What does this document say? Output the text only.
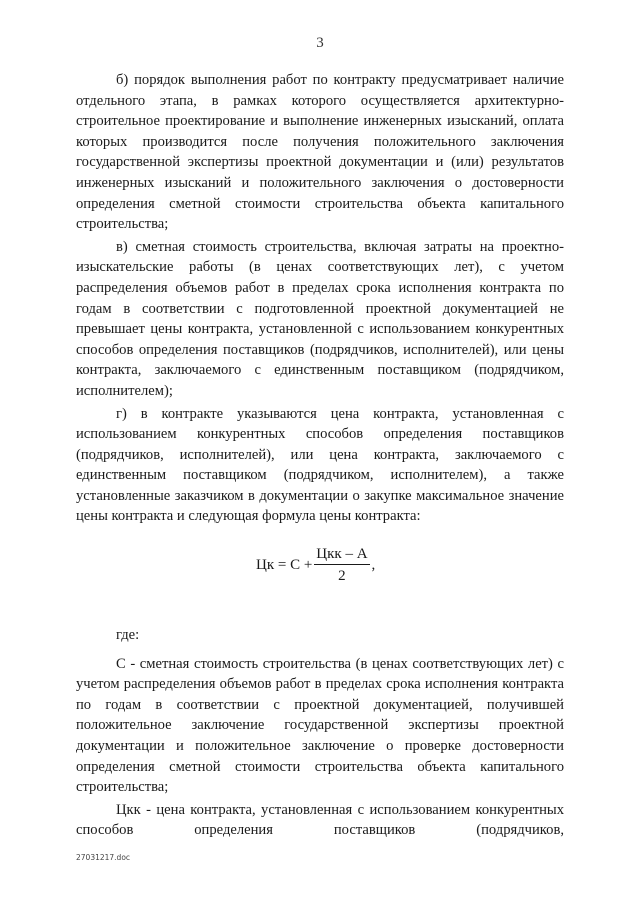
3

б) порядок выполнения работ по контракту предусматривает наличие отдельного этапа, в рамках которого осуществляется архитектурно-строительное проектирование и выполнение инженерных изысканий, оплата которых производится после получения положительного заключения государственной экспертизы проектной документации и (или) результатов инженерных изысканий и положительного заключения о достоверности определения сметной стоимости строительства объекта капитального строительства;

в) сметная стоимость строительства, включая затраты на проектно-изыскательские работы (в ценах соответствующих лет), с учетом распределения объемов работ в пределах срока исполнения контракта по годам в соответствии с подготовленной проектной документацией не превышает цены контракта, установленной с использованием конкурентных способов определения поставщиков (подрядчиков, исполнителей), или цены контракта, заключаемого с единственным поставщиком (подрядчиком, исполнителем);

г) в контракте указываются цена контракта, установленная с использованием конкурентных способов определения поставщиков (подрядчиков, исполнителей), или цена контракта, заключаемого с единственным поставщиком (подрядчиком, исполнителем), а также установленные заказчиком в документации о закупке максимальное значение цены контракта и следующая формула цены контракта:

Цк = $С + \frac{\text{Цкк – А}}{2}$ ,

где:

С - сметная стоимость строительства (в ценах соответствующих лет) с учетом распределения объемов работ в пределах срока исполнения контракта по годам в соответствии с проектной документацией, получившей положительное заключение государственной экспертизы проектной документации и положительное заключение о проверке достоверности определения сметной стоимости строительства объекта капитального строительства;

Цкк - цена контракта, установленная с использованием конкурентных способов определения поставщиков (подрядчиков,

27031217.doc
